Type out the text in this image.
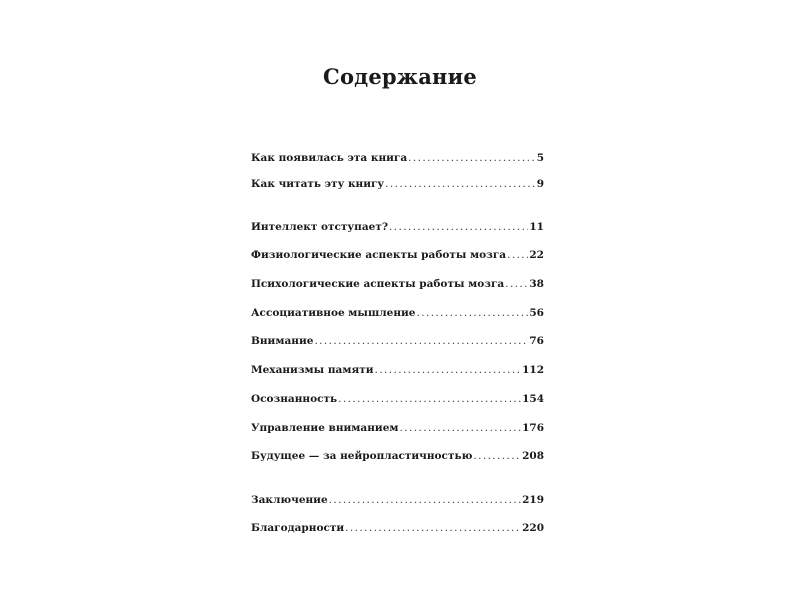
Содержание
Как появилась эта книга .....	5
Как читать эту книгу .....	9
Интеллект отступает? .....	11
Физиологические аспекты работы мозга ..... 22
Психологические аспекты работы мозга ..... 38
Ассоциативное мышление .....	56
Внимание .....	76
Механизмы памяти .....	112
Осознанность .....	154
Управление вниманием .....	176
Будущее — за нейропластичностью .....	208
Заключение .....	219
Благодарности .....	220
